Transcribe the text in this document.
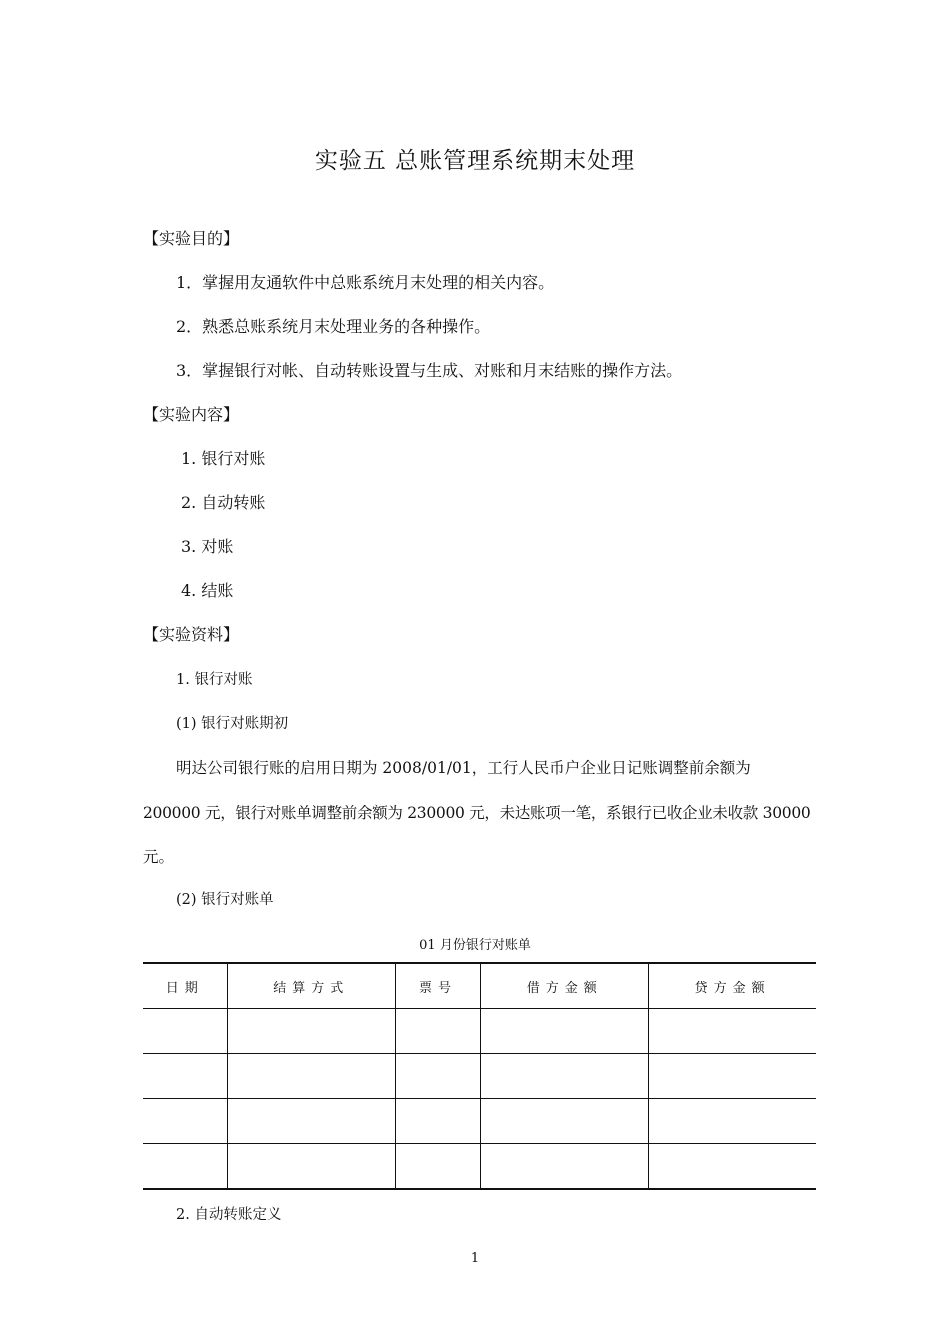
实验五 总账管理系统期末处理
【实验目的】
1．掌握用友通软件中总账系统月末处理的相关内容。
2．熟悉总账系统月末处理业务的各种操作。
3．掌握银行对帐、自动转账设置与生成、对账和月末结账的操作方法。
【实验内容】
1. 银行对账
2. 自动转账
3. 对账
4. 结账
【实验资料】
1. 银行对账
(1) 银行对账期初
明达公司银行账的启用日期为 2008/01/01，工行人民币户企业日记账调整前余额为
200000 元，银行对账单调整前余额为 230000 元，未达账项一笔，系银行已收企业未收款 30000
元。
(2) 银行对账单
01 月份银行对账单
日期	结算方式	票号	借方金额	贷方金额

2. 自动转账定义
1
